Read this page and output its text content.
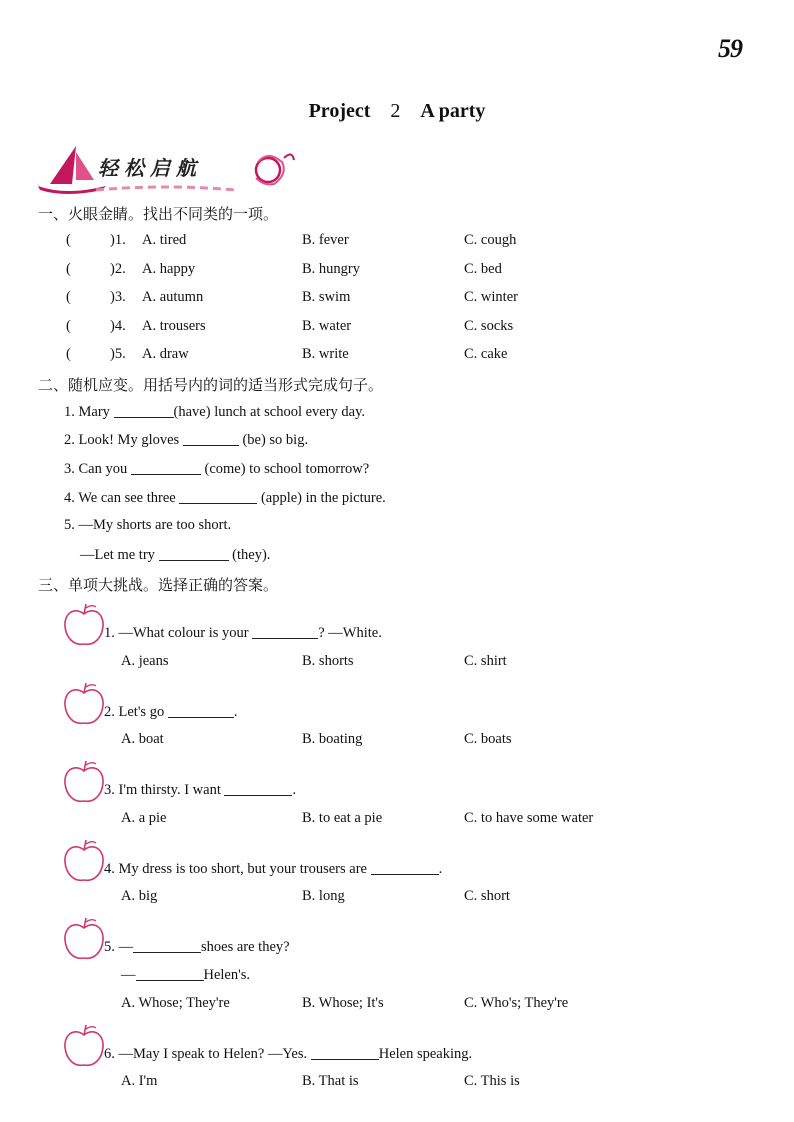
59
Project 2 A party
轻松启航
一、火眼金睛。找出不同类的一项。
(	)1. A. tired	B. fever	C. cough
(	)2. A. happy	B. hungry	C. bed
(	)3. A. autumn	B. swim	C. winter
(	)4. A. trousers	B. water	C. socks
(	)5. A. draw	B. write	C. cake
二、随机应变。用括号内的词的适当形式完成句子。
1. Mary	(have) lunch at school every day.
2. Look! My gloves	(be) so big.
3. Can you	(come) to school tomorrow?
4. We can see three	(apple) in the picture.
5. —My shorts are too short.
—Let me try	(they).
三、单项大挑战。选择正确的答案。
1. —What colour is your	? —White.
A. jeans	B. shorts	C. shirt
2. Let's go	.
A. boat	B. boating	C. boats
3. I'm thirsty. I want	.
A. a pie	B. to eat a pie	C. to have some water
4. My dress is too short, but your trousers are	.
A. big	B. long	C. short
5. —	shoes are they?
—	Helen's.
A. Whose; They're	B. Whose; It's	C. Who's; They're
6. —May I speak to Helen? —Yes.	Helen speaking.
A. I'm	B. That is	C. This is
